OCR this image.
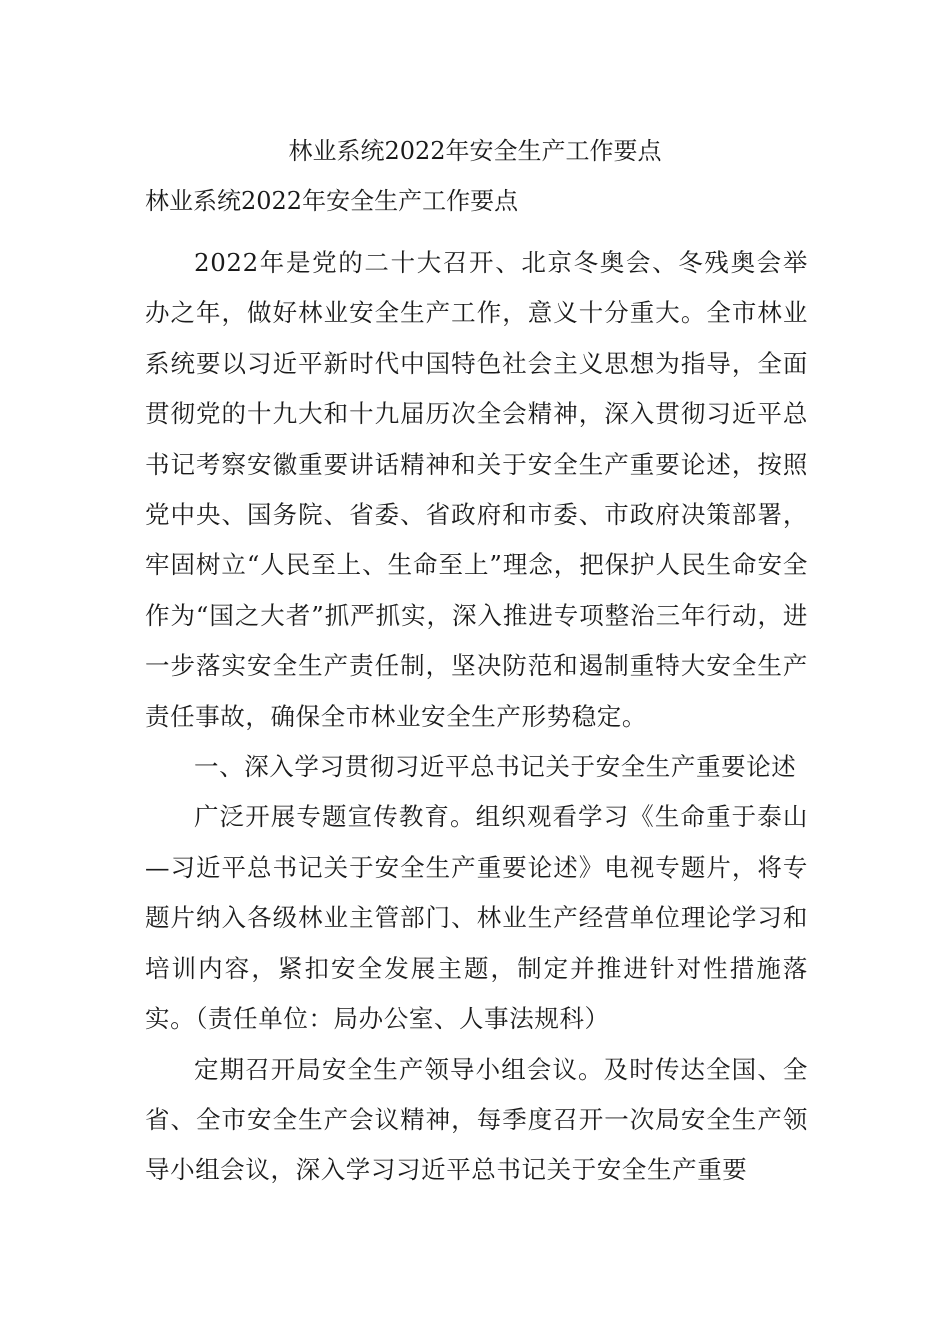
林业系统2022年安全生产工作要点

林业系统2022年安全生产工作要点

2022年是党的二十大召开、北京冬奥会、冬残奥会举办之年，做好林业安全生产工作，意义十分重大。全市林业系统要以习近平新时代中国特色社会主义思想为指导，全面贯彻党的十九大和十九届历次全会精神，深入贯彻习近平总书记考察安徽重要讲话精神和关于安全生产重要论述，按照党中央、国务院、省委、省政府和市委、市政府决策部署，牢固树立“人民至上、生命至上”理念，把保护人民生命安全作为“国之大者”抓严抓实，深入推进专项整治三年行动，进一步落实安全生产责任制，坚决防范和遏制重特大安全生产责任事故，确保全市林业安全生产形势稳定。

一、深入学习贯彻习近平总书记关于安全生产重要论述

广泛开展专题宣传教育。组织观看学习《生命重于泰山—习近平总书记关于安全生产重要论述》电视专题片，将专题片纳入各级林业主管部门、林业生产经营单位理论学习和培训内容，紧扣安全发展主题，制定并推进针对性措施落实。（责任单位：局办公室、人事法规科）

定期召开局安全生产领导小组会议。及时传达全国、全省、全市安全生产会议精神，每季度召开一次局安全生产领导小组会议，深入学习习近平总书记关于安全生产重要
